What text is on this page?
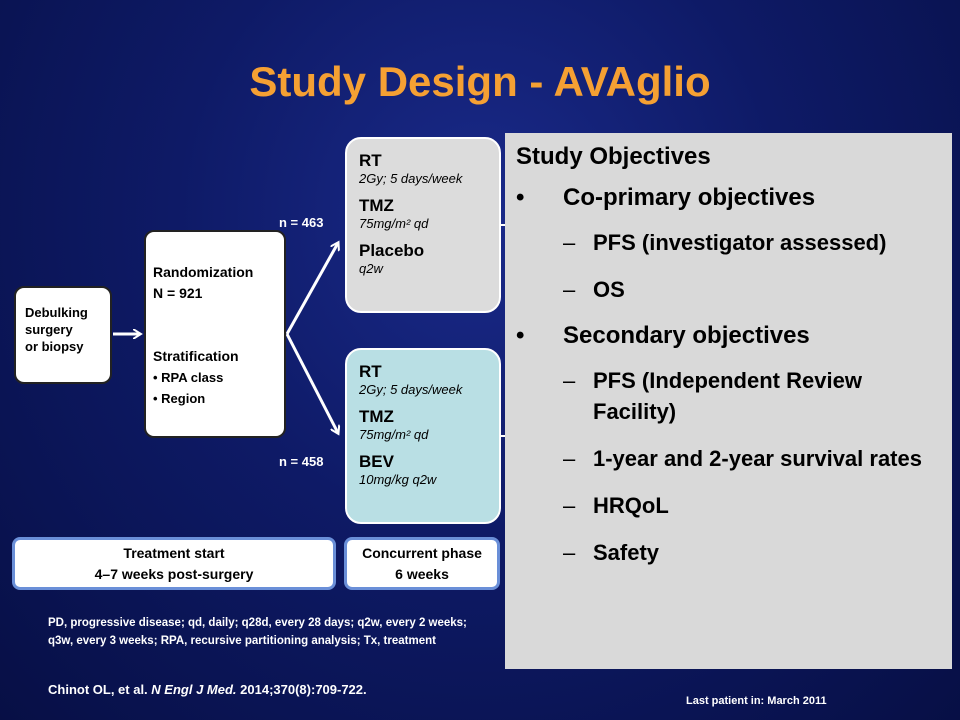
Study Design - AVAglio
Debulking
surgery
or biopsy
Randomization
N = 921
Stratification
• RPA class
• Region
n = 463
n = 458
RT
2Gy; 5 days/week
TMZ
75mg/m² qd
Placebo
q2w
RT
2Gy; 5 days/week
TMZ
75mg/m² qd
BEV
10mg/kg q2w
Treatment start
4–7 weeks post-surgery
Concurrent phase
6 weeks
Study Objectives
• Co-primary objectives
– PFS (investigator assessed)
– OS
• Secondary objectives
– PFS (Independent Review Facility)
– 1-year and 2-year survival rates
– HRQoL
– Safety
PD, progressive disease; qd, daily; q28d, every 28 days; q2w, every 2 weeks; q3w, every 3 weeks; RPA, recursive partitioning analysis; Tx, treatment
Chinot OL, et al. N Engl J Med. 2014;370(8):709-722.
Last patient in: March 2011
